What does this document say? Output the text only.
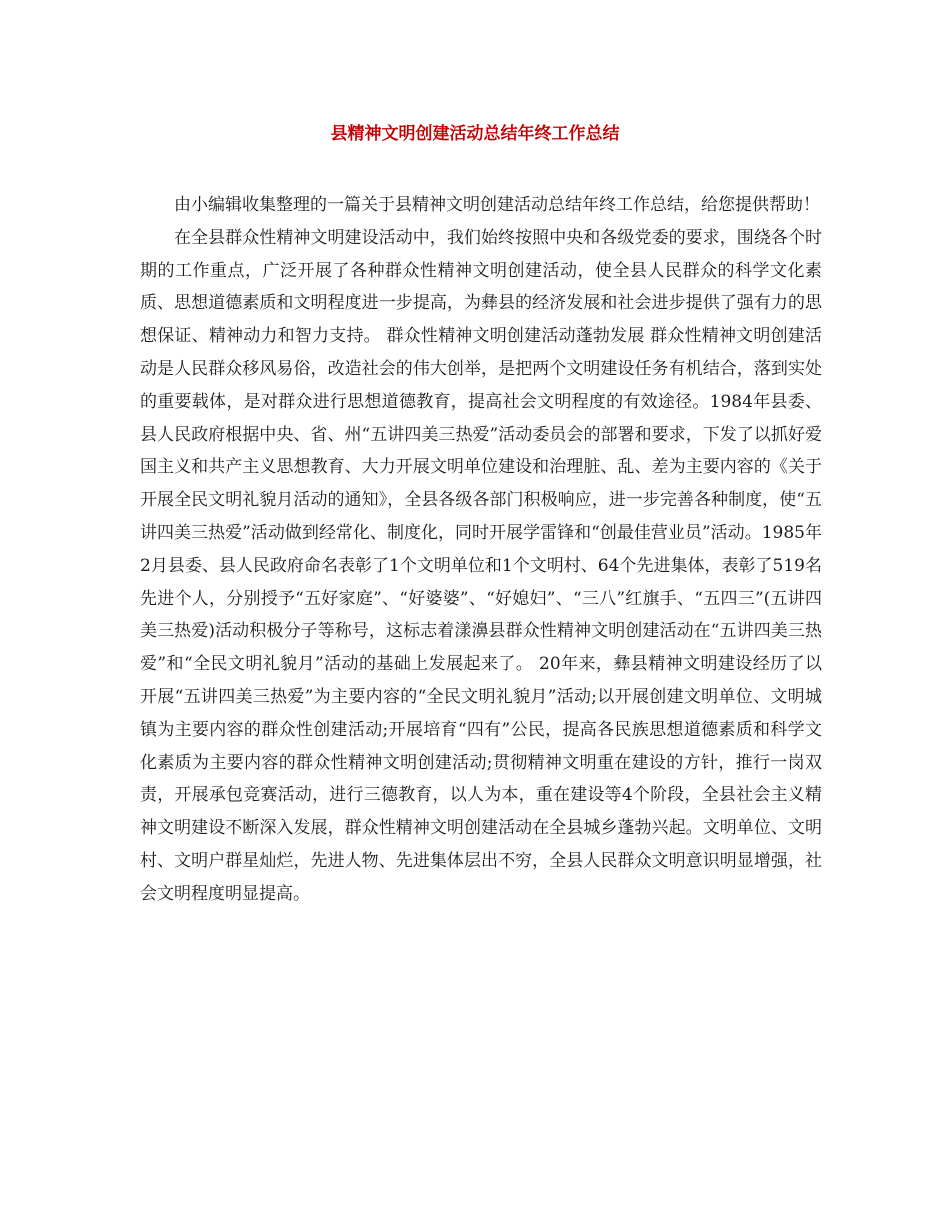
县精神文明创建活动总结年终工作总结

由小编辑收集整理的一篇关于县精神文明创建活动总结年终工作总结，给您提供帮助！

在全县群众性精神文明建设活动中，我们始终按照中央和各级党委的要求，围绕各个时期的工作重点，广泛开展了各种群众性精神文明创建活动，使全县人民群众的科学文化素质、思想道德素质和文明程度进一步提高，为彝县的经济发展和社会进步提供了强有力的思想保证、精神动力和智力支持。 群众性精神文明创建活动蓬勃发展 群众性精神文明创建活动是人民群众移风易俗，改造社会的伟大创举，是把两个文明建设任务有机结合，落到实处的重要载体，是对群众进行思想道德教育，提高社会文明程度的有效途径。1984年县委、县人民政府根据中央、省、州“五讲四美三热爱”活动委员会的部署和要求，下发了以抓好爱国主义和共产主义思想教育、大力开展文明单位建设和治理脏、乱、差为主要内容的《关于开展全民文明礼貌月活动的通知》，全县各级各部门积极响应，进一步完善各种制度，使“五讲四美三热爱”活动做到经常化、制度化，同时开展学雷锋和“创最佳营业员”活动。1985年2月县委、县人民政府命名表彰了1个文明单位和1个文明村、64个先进集体，表彰了519名先进个人，分别授予“五好家庭”、“好婆婆”、“好媳妇”、“三八”红旗手、“五四三”(五讲四美三热爱)活动积极分子等称号，这标志着漾濞县群众性精神文明创建活动在“五讲四美三热爱”和“全民文明礼貌月”活动的基础上发展起来了。 20年来，彝县精神文明建设经历了以开展“五讲四美三热爱”为主要内容的“全民文明礼貌月”活动;以开展创建文明单位、文明城镇为主要内容的群众性创建活动;开展培育“四有”公民，提高各民族思想道德素质和科学文化素质为主要内容的群众性精神文明创建活动;贯彻精神文明重在建设的方针，推行一岗双责，开展承包竞赛活动，进行三德教育，以人为本，重在建设等4个阶段，全县社会主义精神文明建设不断深入发展，群众性精神文明创建活动在全县城乡蓬勃兴起。文明单位、文明村、文明户群星灿烂，先进人物、先进集体层出不穷，全县人民群众文明意识明显增强，社会文明程度明显提高。
